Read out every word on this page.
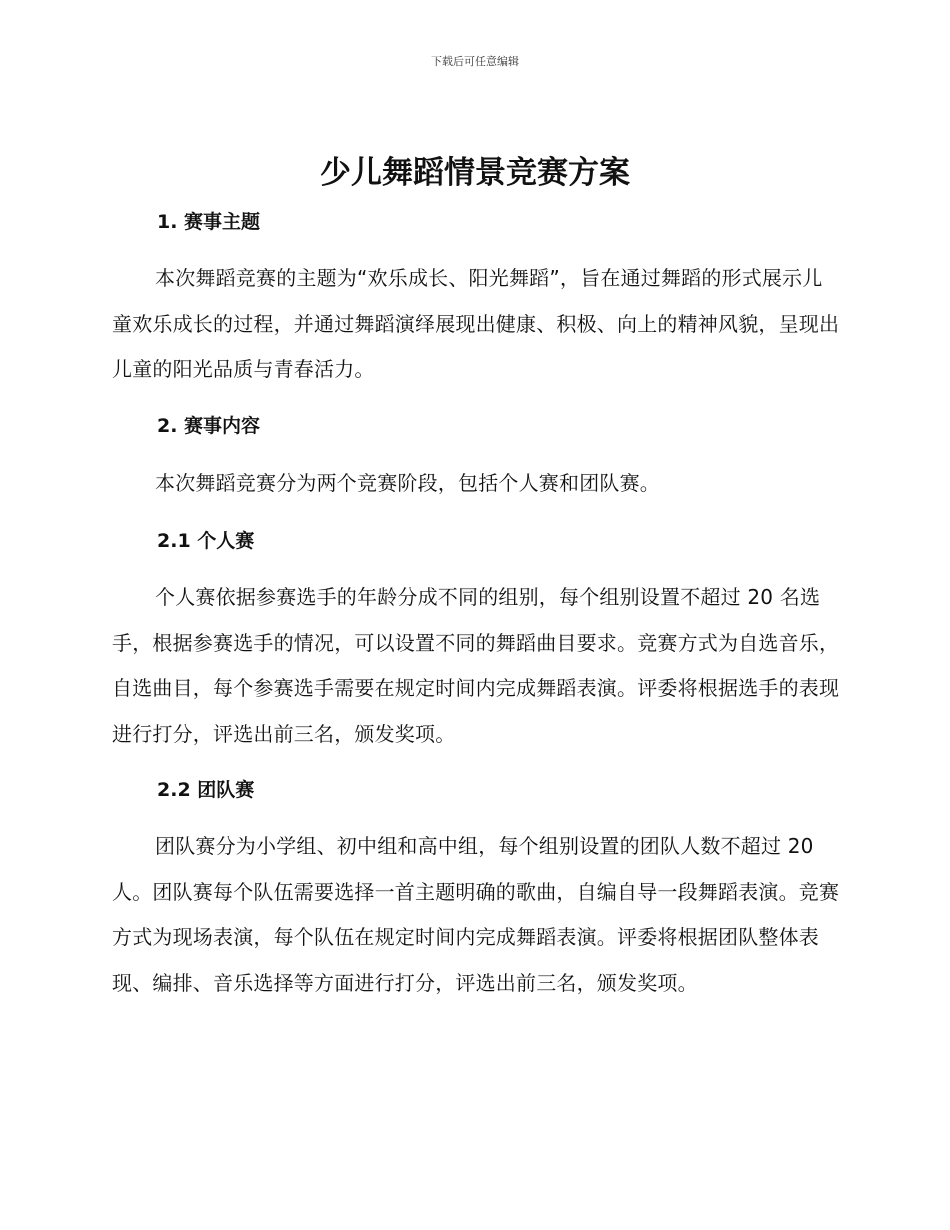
下载后可任意编辑
少儿舞蹈情景竞赛方案
1. 赛事主题

本次舞蹈竞赛的主题为“欢乐成长、阳光舞蹈”，旨在通过舞蹈的形式展示儿童欢乐成长的过程，并通过舞蹈演绎展现出健康、积极、向上的精神风貌，呈现出儿童的阳光品质与青春活力。

2. 赛事内容

本次舞蹈竞赛分为两个竞赛阶段，包括个人赛和团队赛。

2.1 个人赛

个人赛依据参赛选手的年龄分成不同的组别，每个组别设置不超过 20 名选手，根据参赛选手的情况，可以设置不同的舞蹈曲目要求。竞赛方式为自选音乐，自选曲目，每个参赛选手需要在规定时间内完成舞蹈表演。评委将根据选手的表现进行打分，评选出前三名，颁发奖项。

2.2 团队赛

团队赛分为小学组、初中组和高中组，每个组别设置的团队人数不超过 20 人。团队赛每个队伍需要选择一首主题明确的歌曲，自编自导一段舞蹈表演。竞赛方式为现场表演，每个队伍在规定时间内完成舞蹈表演。评委将根据团队整体表现、编排、音乐选择等方面进行打分，评选出前三名，颁发奖项。
